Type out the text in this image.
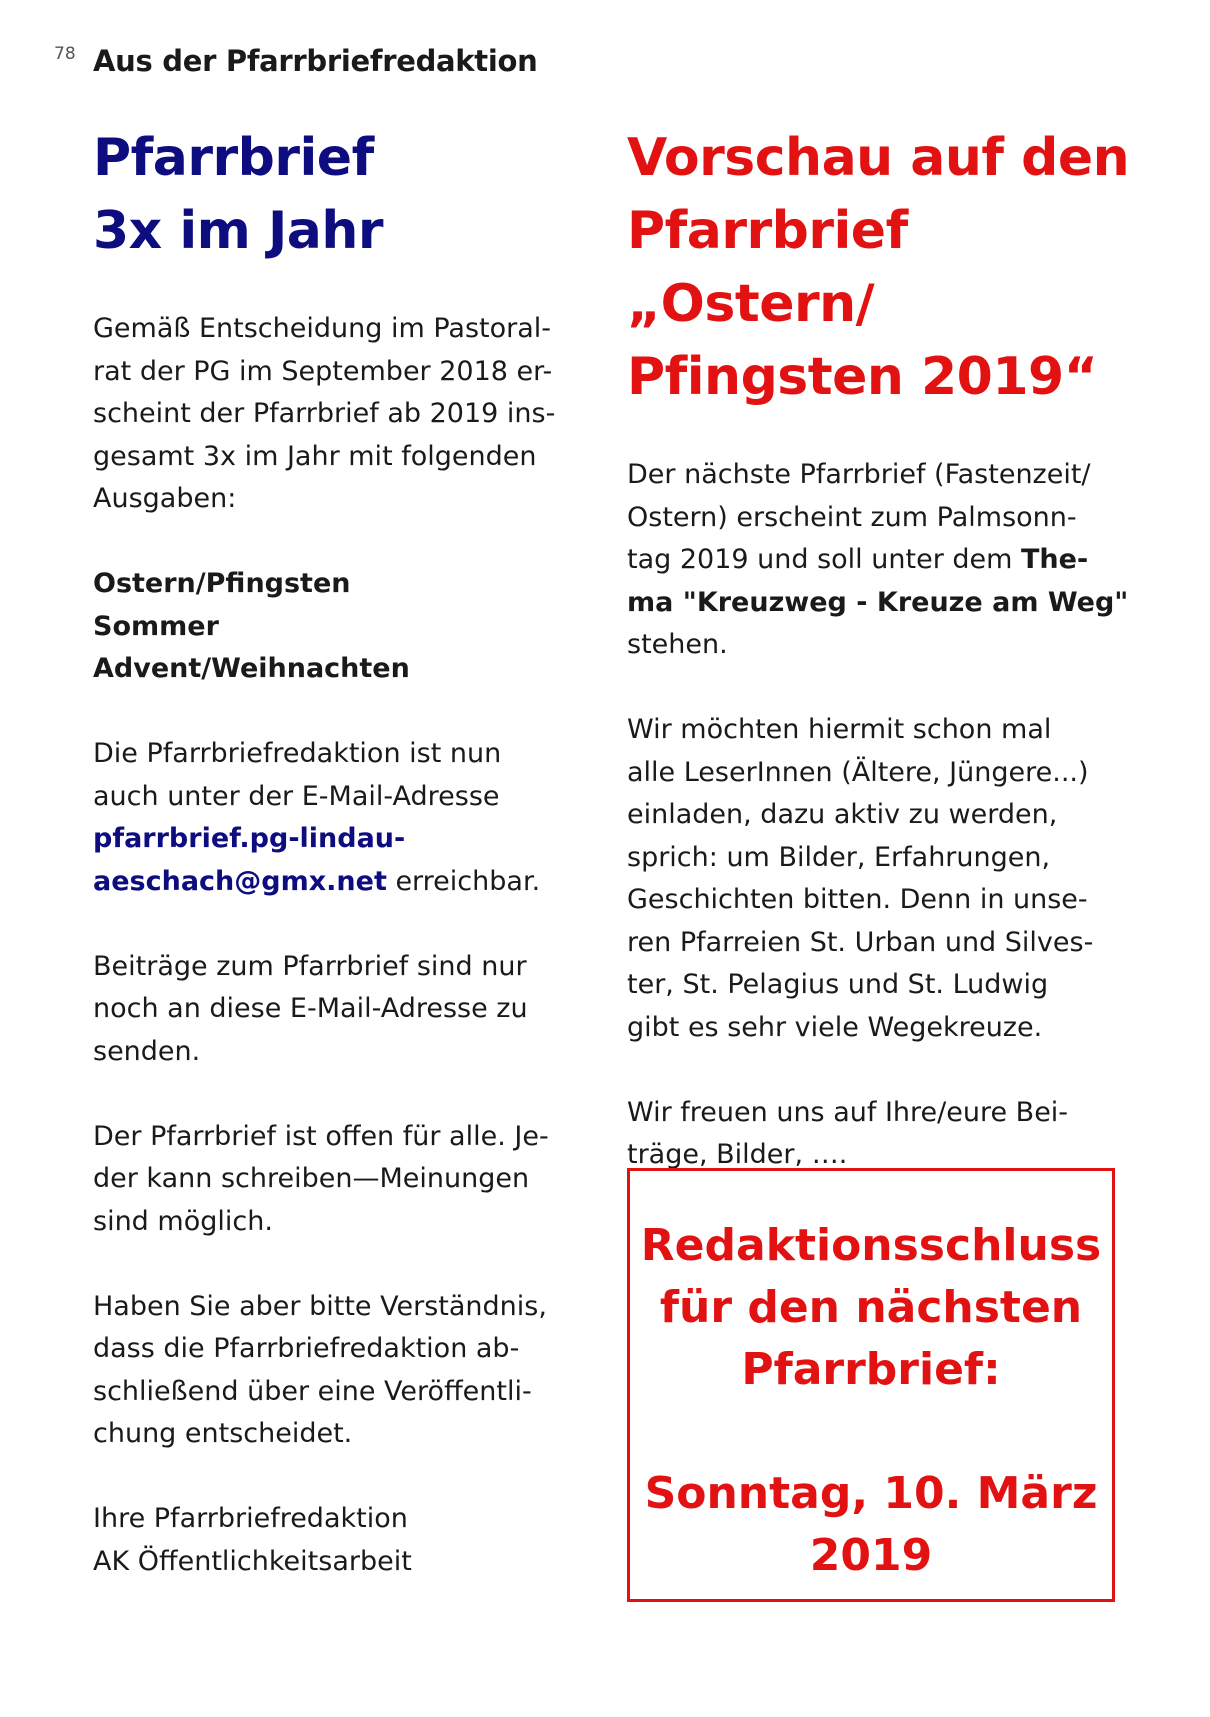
78 Aus der Pfarrbriefredaktion
Pfarrbrief
3x im Jahr

Gemäß Entscheidung im Pastoral-
rat der PG im September 2018 er-
scheint der Pfarrbrief ab 2019 ins-
gesamt 3x im Jahr mit folgenden
Ausgaben:

Ostern/Pfingsten
Sommer
Advent/Weihnachten

Die Pfarrbriefredaktion ist nun
auch unter der E-Mail-Adresse
pfarrbrief.pg-lindau-
aeschach@gmx.net erreichbar.

Beiträge zum Pfarrbrief sind nur
noch an diese E-Mail-Adresse zu
senden.

Der Pfarrbrief ist offen für alle. Je-
der kann schreiben—Meinungen
sind möglich.

Haben Sie aber bitte Verständnis,
dass die Pfarrbriefredaktion ab-
schließend über eine Veröffentli-
chung entscheidet.

Ihre Pfarrbriefredaktion
AK Öffentlichkeitsarbeit

Vorschau auf den
Pfarrbrief „Ostern/
Pfingsten 2019“

Der nächste Pfarrbrief (Fastenzeit/
Ostern) erscheint zum Palmsonn-
tag 2019 und soll unter dem The-
ma "Kreuzweg - Kreuze am Weg"
stehen.

Wir möchten hiermit schon mal
alle LeserInnen (Ältere, Jüngere...)
einladen, dazu aktiv zu werden,
sprich: um Bilder, Erfahrungen,
Geschichten bitten. Denn in unse-
ren Pfarreien St. Urban und Silves-
ter, St. Pelagius und St. Ludwig
gibt es sehr viele Wegekreuze.

Wir freuen uns auf Ihre/eure Bei-
träge, Bilder, ….

Redaktionsschluss
für den nächsten
Pfarrbrief:
Sonntag, 10. März
2019
